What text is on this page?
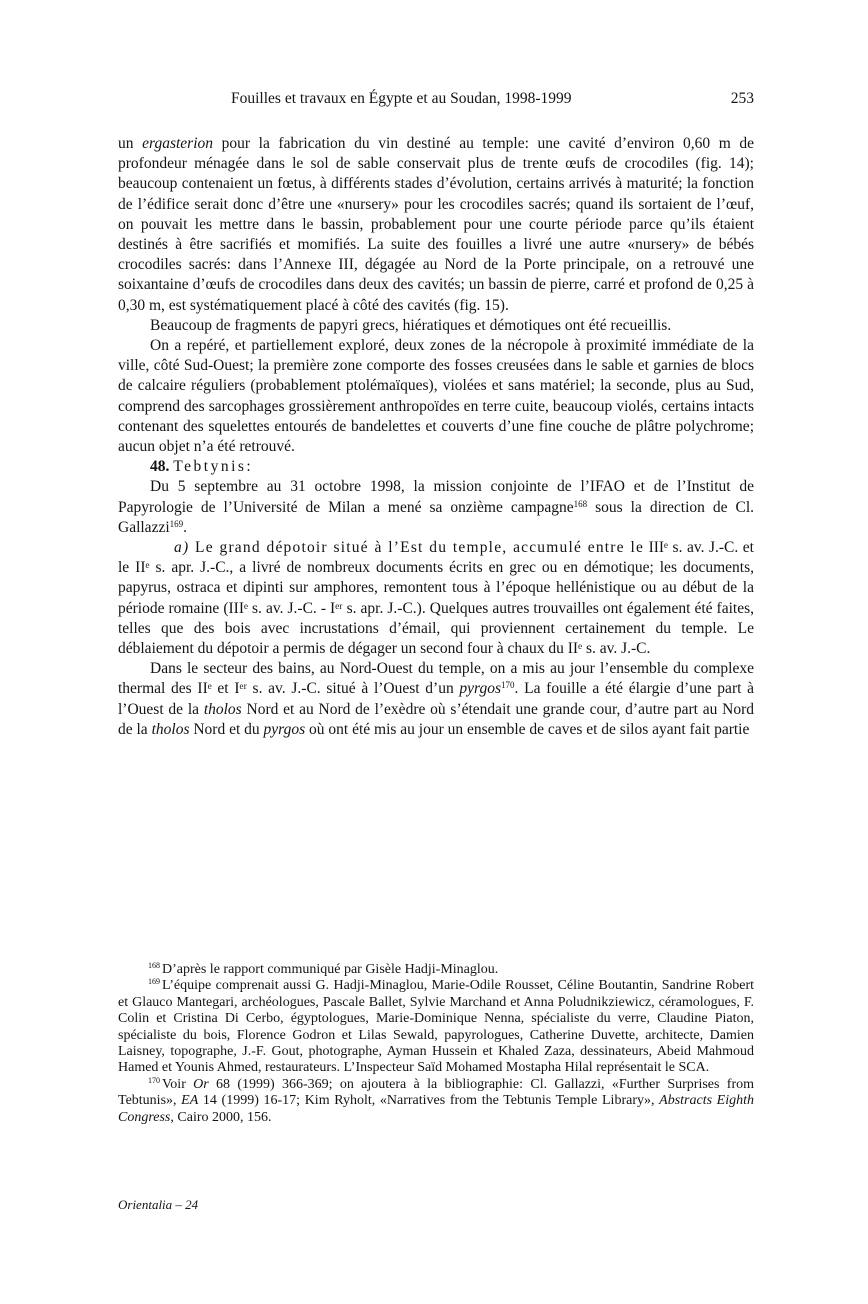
Fouilles et travaux en Égypte et au Soudan, 1998-1999	253

un ergasterion pour la fabrication du vin destiné au temple: une cavité d’environ 0,60 m de profondeur ménagée dans le sol de sable conservait plus de trente œufs de crocodiles (fig. 14); beaucoup contenaient un fœtus, à différents stades d’évolution, certains arrivés à maturité; la fonction de l’édifice serait donc d’être une «nursery» pour les crocodiles sacrés; quand ils sortaient de l’œuf, on pouvait les mettre dans le bassin, probablement pour une courte période parce qu’ils étaient destinés à être sacrifiés et momifiés. La suite des fouilles a livré une autre «nursery» de bébés crocodiles sacrés: dans l’Annexe III, dégagée au Nord de la Porte principale, on a retrouvé une soixantaine d’œufs de crocodiles dans deux des cavités; un bassin de pierre, carré et profond de 0,25 à 0,30 m, est systématiquement placé à côté des cavités (fig. 15).

Beaucoup de fragments de papyri grecs, hiératiques et démotiques ont été recueillis.

On a repéré, et partiellement exploré, deux zones de la nécropole à proximité immédiate de la ville, côté Sud-Ouest; la première zone comporte des fosses creusées dans le sable et garnies de blocs de calcaire réguliers (probablement ptolémaïques), violées et sans matériel; la seconde, plus au Sud, comprend des sarcophages grossièrement anthropoïdes en terre cuite, beaucoup violés, certains intacts contenant des squelettes entourés de bandelettes et couverts d’une fine couche de plâtre polychrome; aucun objet n’a été retrouvé.

48. Tebtynis:

Du 5 septembre au 31 octobre 1998, la mission conjointe de l’IFAO et de l’Institut de Papyrologie de l’Université de Milan a mené sa onzième campagne$^{168}$ sous la direction de Cl. Gallazzi$^{169}$.

a) Le grand dépotoir situé à l’Est du temple, accumulé entre le IIIᵉ s. av. J.-C. et le IIᵉ s. apr. J.-C., a livré de nombreux documents écrits en grec ou en démotique; les documents, papyrus, ostraca et dipinti sur amphores, remontent tous à l’époque hellénistique ou au début de la période romaine (IIIᵉ s. av. J.-C. - Iᵉʳ s. apr. J.-C.). Quelques autres trouvailles ont également été faites, telles que des bois avec incrustations d’émail, qui proviennent certainement du temple. Le déblaiement du dépotoir a permis de dégager un second four à chaux du IIᵉ s. av. J.-C.

Dans le secteur des bains, au Nord-Ouest du temple, on a mis au jour l’ensemble du complexe thermal des IIᵉ et Iᵉʳ s. av. J.-C. situé à l’Ouest d’un pyrgos$^{170}$. La fouille a été élargie d’une part à l’Ouest de la tholos Nord et au Nord de l’exèdre où s’étendait une grande cour, d’autre part au Nord de la tholos Nord et du pyrgos où ont été mis au jour un ensemble de caves et de silos ayant fait partie

$^{168}$ D’après le rapport communiqué par Gisèle Hadji-Minaglou.

$^{169}$ L’équipe comprenait aussi G. Hadji-Minaglou, Marie-Odile Rousset, Céline Boutantin, Sandrine Robert et Glauco Mantegari, archéologues, Pascale Ballet, Sylvie Marchand et Anna Poludnikziewicz, céramologues, F. Colin et Cristina Di Cerbo, égyptologues, Marie-Dominique Nenna, spécialiste du verre, Claudine Piaton, spécialiste du bois, Florence Godron et Lilas Sewald, papyrologues, Catherine Duvette, architecte, Damien Laisney, topographe, J.-F. Gout, photographe, Ayman Hussein et Khaled Zaza, dessinateurs, Abeid Mahmoud Hamed et Younis Ahmed, restaurateurs. L’Inspecteur Saïd Mohamed Mostapha Hilal représentait le SCA.

$^{170}$ Voir Or 68 (1999) 366-369; on ajoutera à la bibliographie: Cl. Gallazzi, «Further Surprises from Tebtunis», EA 14 (1999) 16-17; Kim Ryholt, «Narratives from the Tebtunis Temple Library», Abstracts Eighth Congress, Cairo 2000, 156.

Orientalia – 24
